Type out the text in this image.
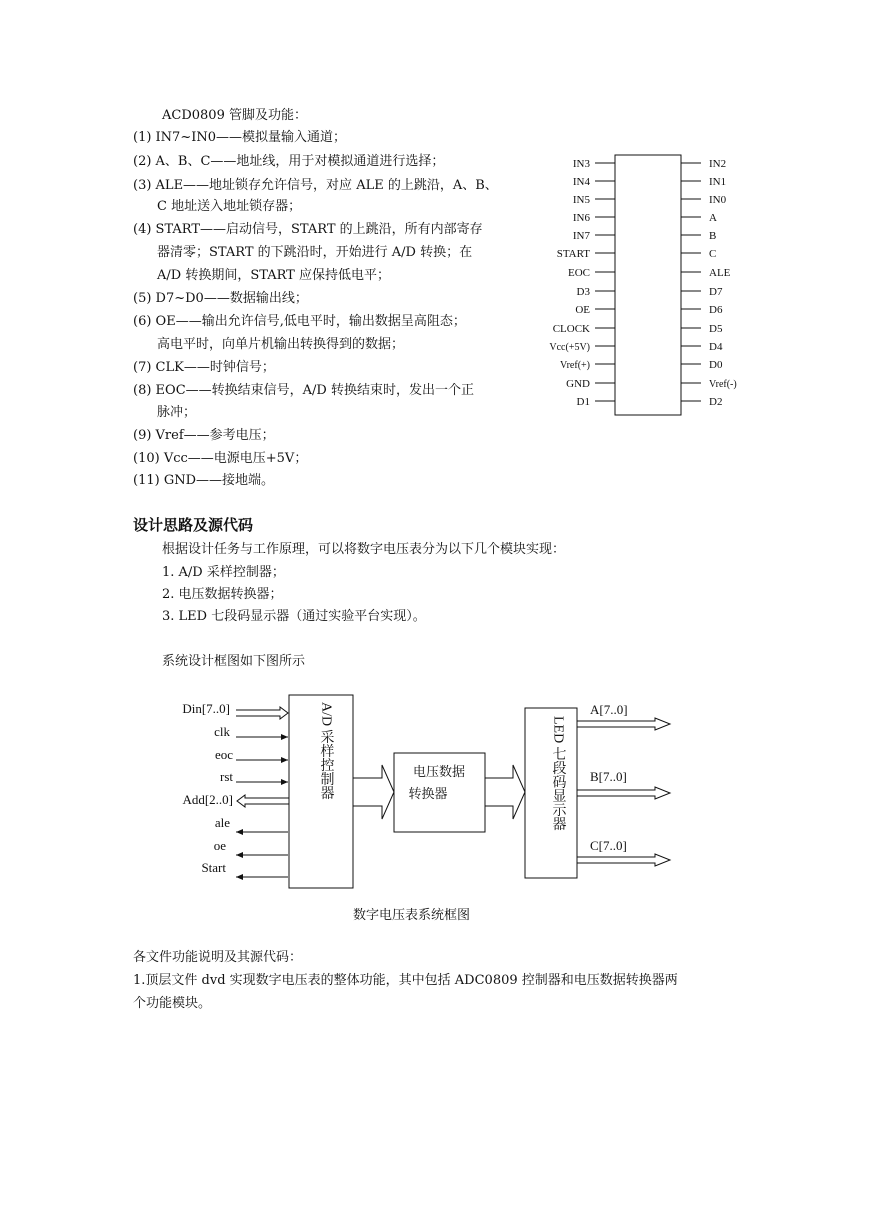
ACD0809 管脚及功能：
(1) IN7~IN0——模拟量输入通道；
(2) A、B、C——地址线，用于对模拟通道进行选择；
(3) ALE——地址锁存允许信号，对应 ALE 的上跳沿，A、B、
C 地址送入地址锁存器；
(4) START——启动信号，START 的上跳沿，所有内部寄存
器清零；START 的下跳沿时，开始进行 A/D 转换；在
A/D 转换期间，START 应保持低电平；
(5) D7~D0——数据输出线；
(6) OE——输出允许信号,低电平时，输出数据呈高阻态；
高电平时，向单片机输出转换得到的数据；
(7) CLK——时钟信号；
(8) EOC——转换结束信号，A/D 转换结束时，发出一个正
脉冲；
(9) Vref——参考电压；
(10) Vcc——电源电压+5V；
(11) GND——接地端。
IN3
IN4
IN5
IN6
IN7
START
EOC
D3
OE
CLOCK
Vcc(+5V)
Vref(+)
GND
D1
IN2
IN1
IN0
A
B
C
ALE
D7
D6
D5
D4
D0
Vref(-)
D2
设计思路及源代码
根据设计任务与工作原理，可以将数字电压表分为以下几个模块实现：
1. A/D 采样控制器；
2. 电压数据转换器；
3. LED 七段码显示器（通过实验平台实现）。
系统设计框图如下图所示
Din[7..0]
clk
eoc
rst
Add[2..0]
ale
oe
Start
A[7..0]
B[7..0]
C[7..0]
A/D 采样控制器	LED 七段码显示器
电压数据
转换器
数字电压表系统框图
各文件功能说明及其源代码：
1.顶层文件 dvd 实现数字电压表的整体功能，其中包括 ADC0809 控制器和电压数据转换器两
个功能模块。
